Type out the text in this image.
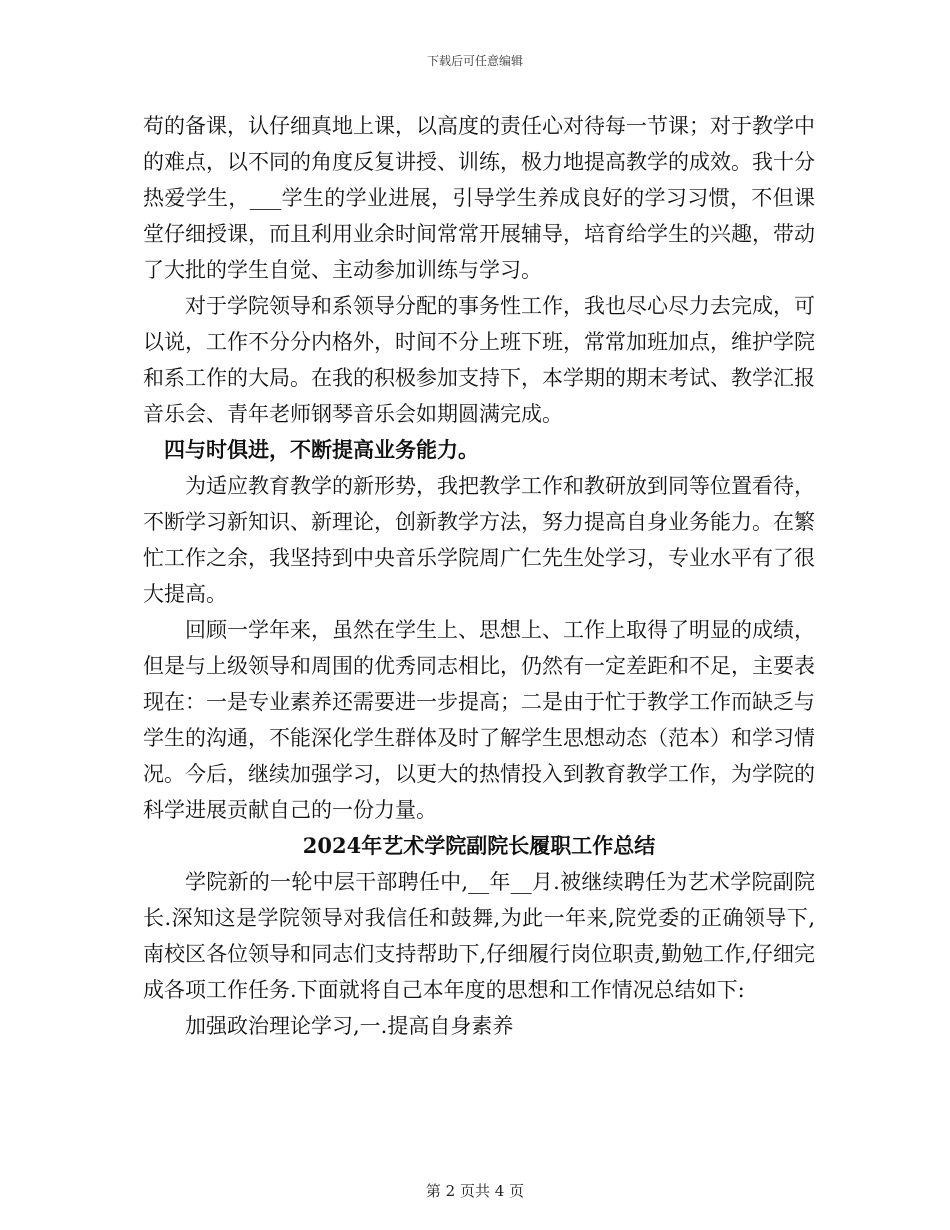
下载后可任意编辑

苟的备课，认仔细真地上课，以高度的责任心对待每一节课；对于教学中的难点，以不同的角度反复讲授、训练，极力地提高教学的成效。我十分热爱学生，___学生的学业进展，引导学生养成良好的学习习惯，不但课堂仔细授课，而且利用业余时间常常开展辅导，培育给学生的兴趣，带动了大批的学生自觉、主动参加训练与学习。

对于学院领导和系领导分配的事务性工作，我也尽心尽力去完成，可以说，工作不分分内格外，时间不分上班下班，常常加班加点，维护学院和系工作的大局。在我的积极参加支持下，本学期的期末考试、教学汇报音乐会、青年老师钢琴音乐会如期圆满完成。

四与时俱进，不断提高业务能力。

为适应教育教学的新形势，我把教学工作和教研放到同等位置看待，不断学习新知识、新理论，创新教学方法，努力提高自身业务能力。在繁忙工作之余，我坚持到中央音乐学院周广仁先生处学习，专业水平有了很大提高。

回顾一学年来，虽然在学生上、思想上、工作上取得了明显的成绩，但是与上级领导和周围的优秀同志相比，仍然有一定差距和不足，主要表现在：一是专业素养还需要进一步提高；二是由于忙于教学工作而缺乏与学生的沟通，不能深化学生群体及时了解学生思想动态（范本）和学习情况。今后，继续加强学习，以更大的热情投入到教育教学工作，为学院的科学进展贡献自己的一份力量。

2024年艺术学院副院长履职工作总结

学院新的一轮中层干部聘任中,__年__月.被继续聘任为艺术学院副院长.深知这是学院领导对我信任和鼓舞,为此一年来,院党委的正确领导下,南校区各位领导和同志们支持帮助下,仔细履行岗位职责,勤勉工作,仔细完成各项工作任务.下面就将自己本年度的思想和工作情况总结如下:

加强政治理论学习,一.提高自身素养

第 2 页共 4 页
